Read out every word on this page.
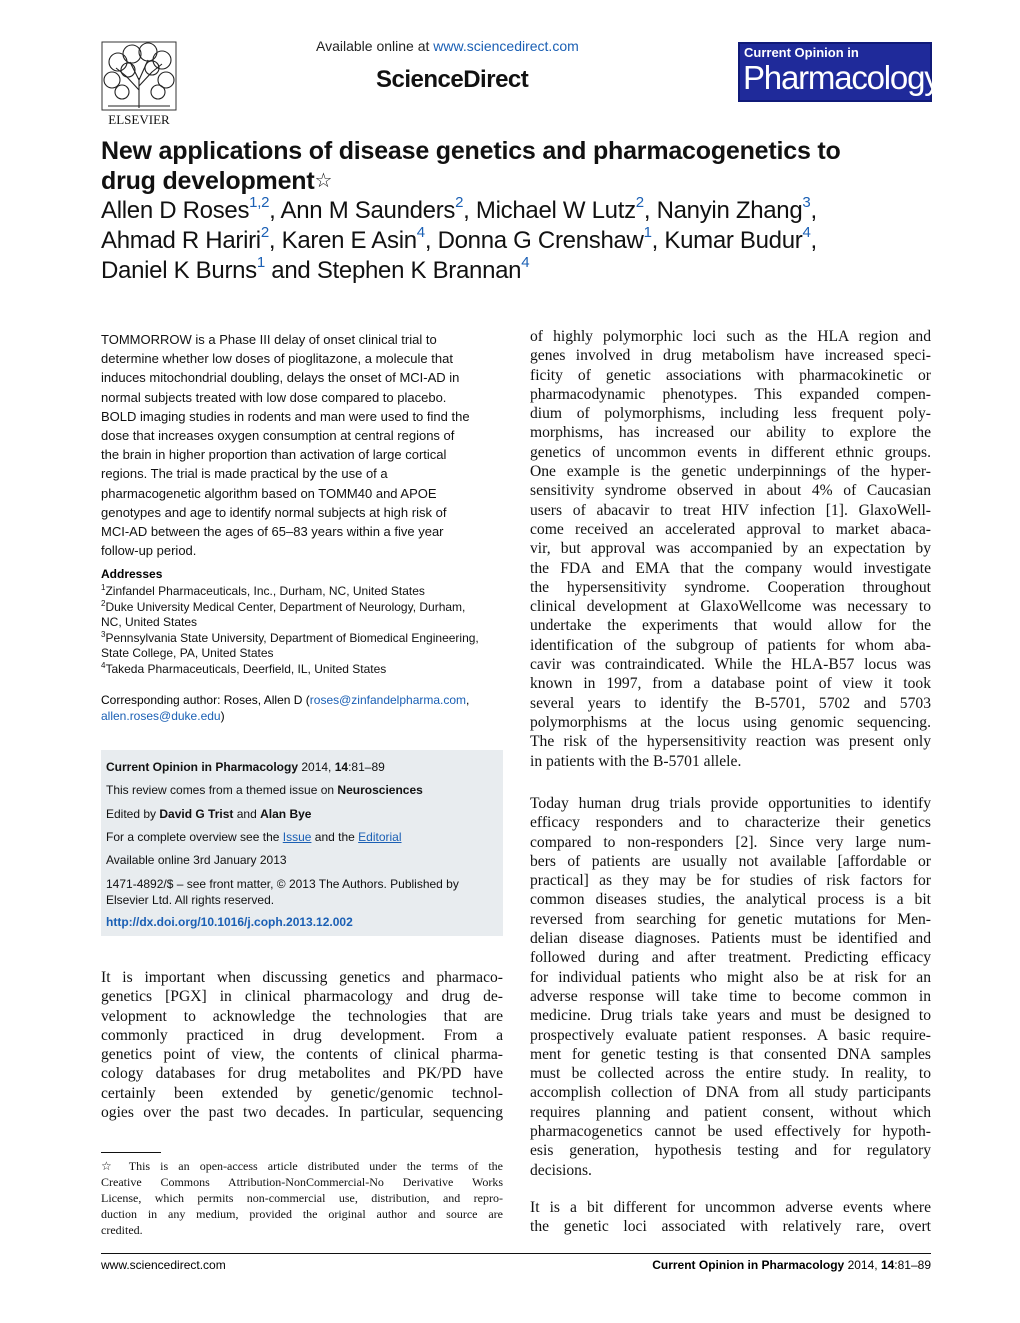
ELSEVIER
Available online at www.sciencedirect.com
ScienceDirect
Current Opinion in
Pharmacology
New applications of disease genetics and pharmacogenetics to
drug development☆
Allen D Roses$^{1,2}$, Ann M Saunders$^2$, Michael W Lutz$^2$, Nanyin Zhang$^3$,
Ahmad R Hariri$^2$, Karen E Asin$^4$, Donna G Crenshaw$^1$, Kumar Budur$^4$,
Daniel K Burns$^1$ and Stephen K Brannan$^4$
TOMMORROW is a Phase III delay of onset clinical trial to
determine whether low doses of pioglitazone, a molecule that
induces mitochondrial doubling, delays the onset of MCI-AD in
normal subjects treated with low dose compared to placebo.
BOLD imaging studies in rodents and man were used to find the
dose that increases oxygen consumption at central regions of
the brain in higher proportion than activation of large cortical
regions. The trial is made practical by the use of a
pharmacogenetic algorithm based on TOMM40 and APOE
genotypes and age to identify normal subjects at high risk of
MCI-AD between the ages of 65–83 years within a five year
follow-up period.
Addresses
$^1$Zinfandel Pharmaceuticals, Inc., Durham, NC, United States
$^2$Duke University Medical Center, Department of Neurology, Durham,
NC, United States
$^3$Pennsylvania State University, Department of Biomedical Engineering,
State College, PA, United States
$^4$Takeda Pharmaceuticals, Deerfield, IL, United States
Corresponding author: Roses, Allen D (roses@zinfandelpharma.com,
allen.roses@duke.edu)
Current Opinion in Pharmacology 2014, 14:81–89
This review comes from a themed issue on Neurosciences
Edited by David G Trist and Alan Bye
For a complete overview see the Issue and the Editorial
Available online 3rd January 2013
1471-4892/$ – see front matter, © 2013 The Authors. Published by
Elsevier Ltd. All rights reserved.
http://dx.doi.org/10.1016/j.coph.2013.12.002
It is important when discussing genetics and pharmaco-
genetics [PGX] in clinical pharmacology and drug de-
velopment to acknowledge the technologies that are
commonly practiced in drug development. From a
genetics point of view, the contents of clinical pharma-
cology databases for drug metabolites and PK/PD have
certainly been extended by genetic/genomic technol-
ogies over the past two decades. In particular, sequencing
☆ This is an open-access article distributed under the terms of the
Creative Commons Attribution-NonCommercial-No Derivative Works
License, which permits non-commercial use, distribution, and repro-
duction in any medium, provided the original author and source are
credited.
of highly polymorphic loci such as the HLA region and
genes involved in drug metabolism have increased speci-
ficity of genetic associations with pharmacokinetic or
pharmacodynamic phenotypes. This expanded compen-
dium of polymorphisms, including less frequent poly-
morphisms, has increased our ability to explore the
genetics of uncommon events in different ethnic groups.
One example is the genetic underpinnings of the hyper-
sensitivity syndrome observed in about 4% of Caucasian
users of abacavir to treat HIV infection [1]. GlaxoWell-
come received an accelerated approval to market abaca-
vir, but approval was accompanied by an expectation by
the FDA and EMA that the company would investigate
the hypersensitivity syndrome. Cooperation throughout
clinical development at GlaxoWellcome was necessary to
undertake the experiments that would allow for the
identification of the subgroup of patients for whom aba-
cavir was contraindicated. While the HLA-B57 locus was
known in 1997, from a database point of view it took
several years to identify the B-5701, 5702 and 5703
polymorphisms at the locus using genomic sequencing.
The risk of the hypersensitivity reaction was present only
in patients with the B-5701 allele.
Today human drug trials provide opportunities to identify
efficacy responders and to characterize their genetics
compared to non-responders [2]. Since very large num-
bers of patients are usually not available [affordable or
practical] as they may be for studies of risk factors for
common diseases studies, the analytical process is a bit
reversed from searching for genetic mutations for Men-
delian disease diagnoses. Patients must be identified and
followed during and after treatment. Predicting efficacy
for individual patients who might also be at risk for an
adverse response will take time to become common in
medicine. Drug trials take years and must be designed to
prospectively evaluate patient responses. A basic require-
ment for genetic testing is that consented DNA samples
must be collected across the entire study. In reality, to
accomplish collection of DNA from all study participants
requires planning and patient consent, without which
pharmacogenetics cannot be used effectively for hypoth-
esis generation, hypothesis testing and for regulatory
decisions.
It is a bit different for uncommon adverse events where
the genetic loci associated with relatively rare, overt
www.sciencedirect.com	Current Opinion in Pharmacology 2014, 14:81–89
